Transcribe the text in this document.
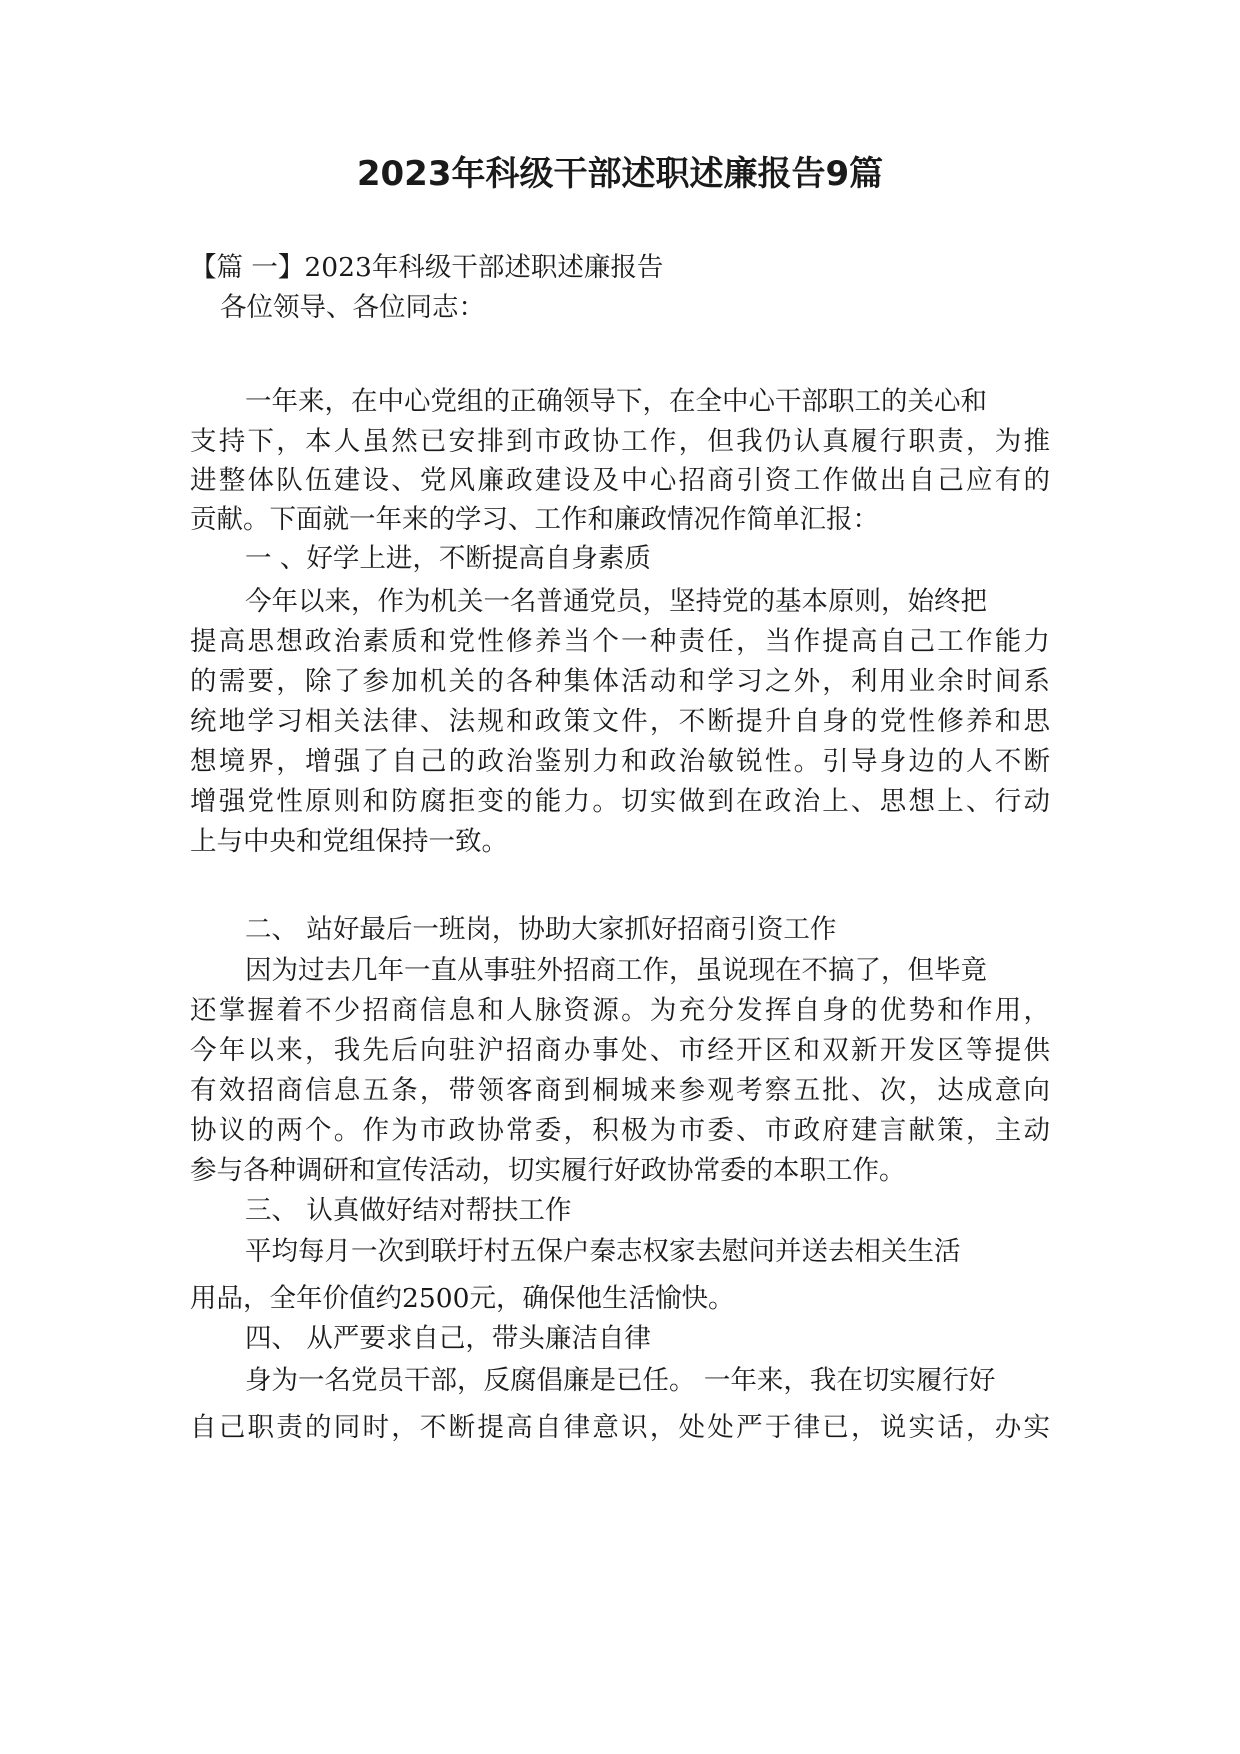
2023年科级干部述职述廉报告9篇

【篇 一】2023年科级干部述职述廉报告

各位领导、各位同志：

一年来，在中心党组的正确领导下，在全中心干部职工的关心和

支持下，本人虽然已安排到市政协工作，但我仍认真履行职责，为推

进整体队伍建设、党风廉政建设及中心招商引资工作做出自己应有的

贡献。下面就一年来的学习、工作和廉政情况作简单汇报：

一 、好学上进，不断提高自身素质

今年以来，作为机关一名普通党员，坚持党的基本原则，始终把

提高思想政治素质和党性修养当个一种责任，当作提高自己工作能力

的需要，除了参加机关的各种集体活动和学习之外，利用业余时间系

统地学习相关法律、法规和政策文件，不断提升自身的党性修养和思

想境界，增强了自己的政治鉴别力和政治敏锐性。引导身边的人不断

增强党性原则和防腐拒变的能力。切实做到在政治上、思想上、行动

上与中央和党组保持一致。

二、 站好最后一班岗，协助大家抓好招商引资工作

因为过去几年一直从事驻外招商工作，虽说现在不搞了，但毕竟

还掌握着不少招商信息和人脉资源。为充分发挥自身的优势和作用，

今年以来，我先后向驻沪招商办事处、市经开区和双新开发区等提供

有效招商信息五条，带领客商到桐城来参观考察五批、次，达成意向

协议的两个。作为市政协常委，积极为市委、市政府建言献策，主动

参与各种调研和宣传活动，切实履行好政协常委的本职工作。

三、 认真做好结对帮扶工作

平均每月一次到联圩村五保户秦志权家去慰问并送去相关生活

用品，全年价值约2500元，确保他生活愉快。

四、 从严要求自己，带头廉洁自律

身为一名党员干部，反腐倡廉是已任。 一年来，我在切实履行好

自己职责的同时，不断提高自律意识，处处严于律已，说实话，办实
